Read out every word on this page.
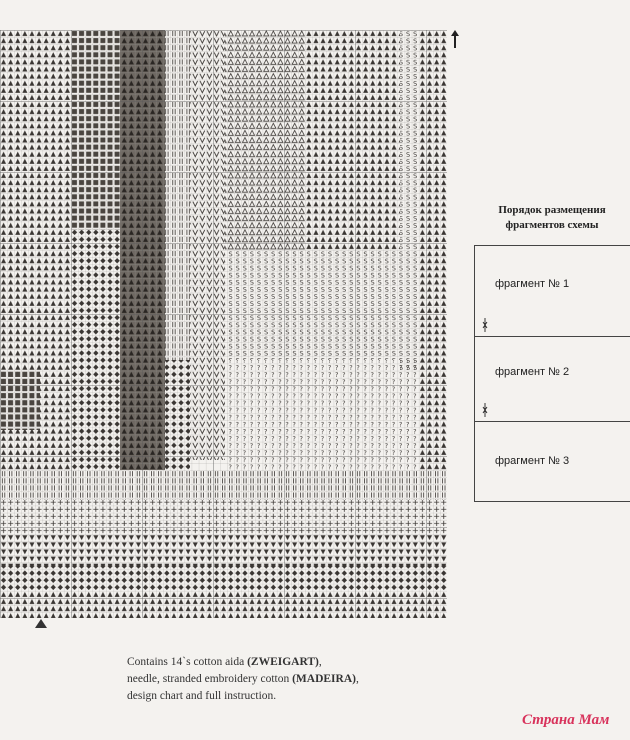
Порядок размещения
фрагментов схемы
фрагмент № 1
фрагмент № 2
фрагмент № 3
Contains 14`s cotton aida (ZWEIGART),
needle, stranded embroidery cotton (MADEIRA),
design chart and full instruction.
Страна Мам
